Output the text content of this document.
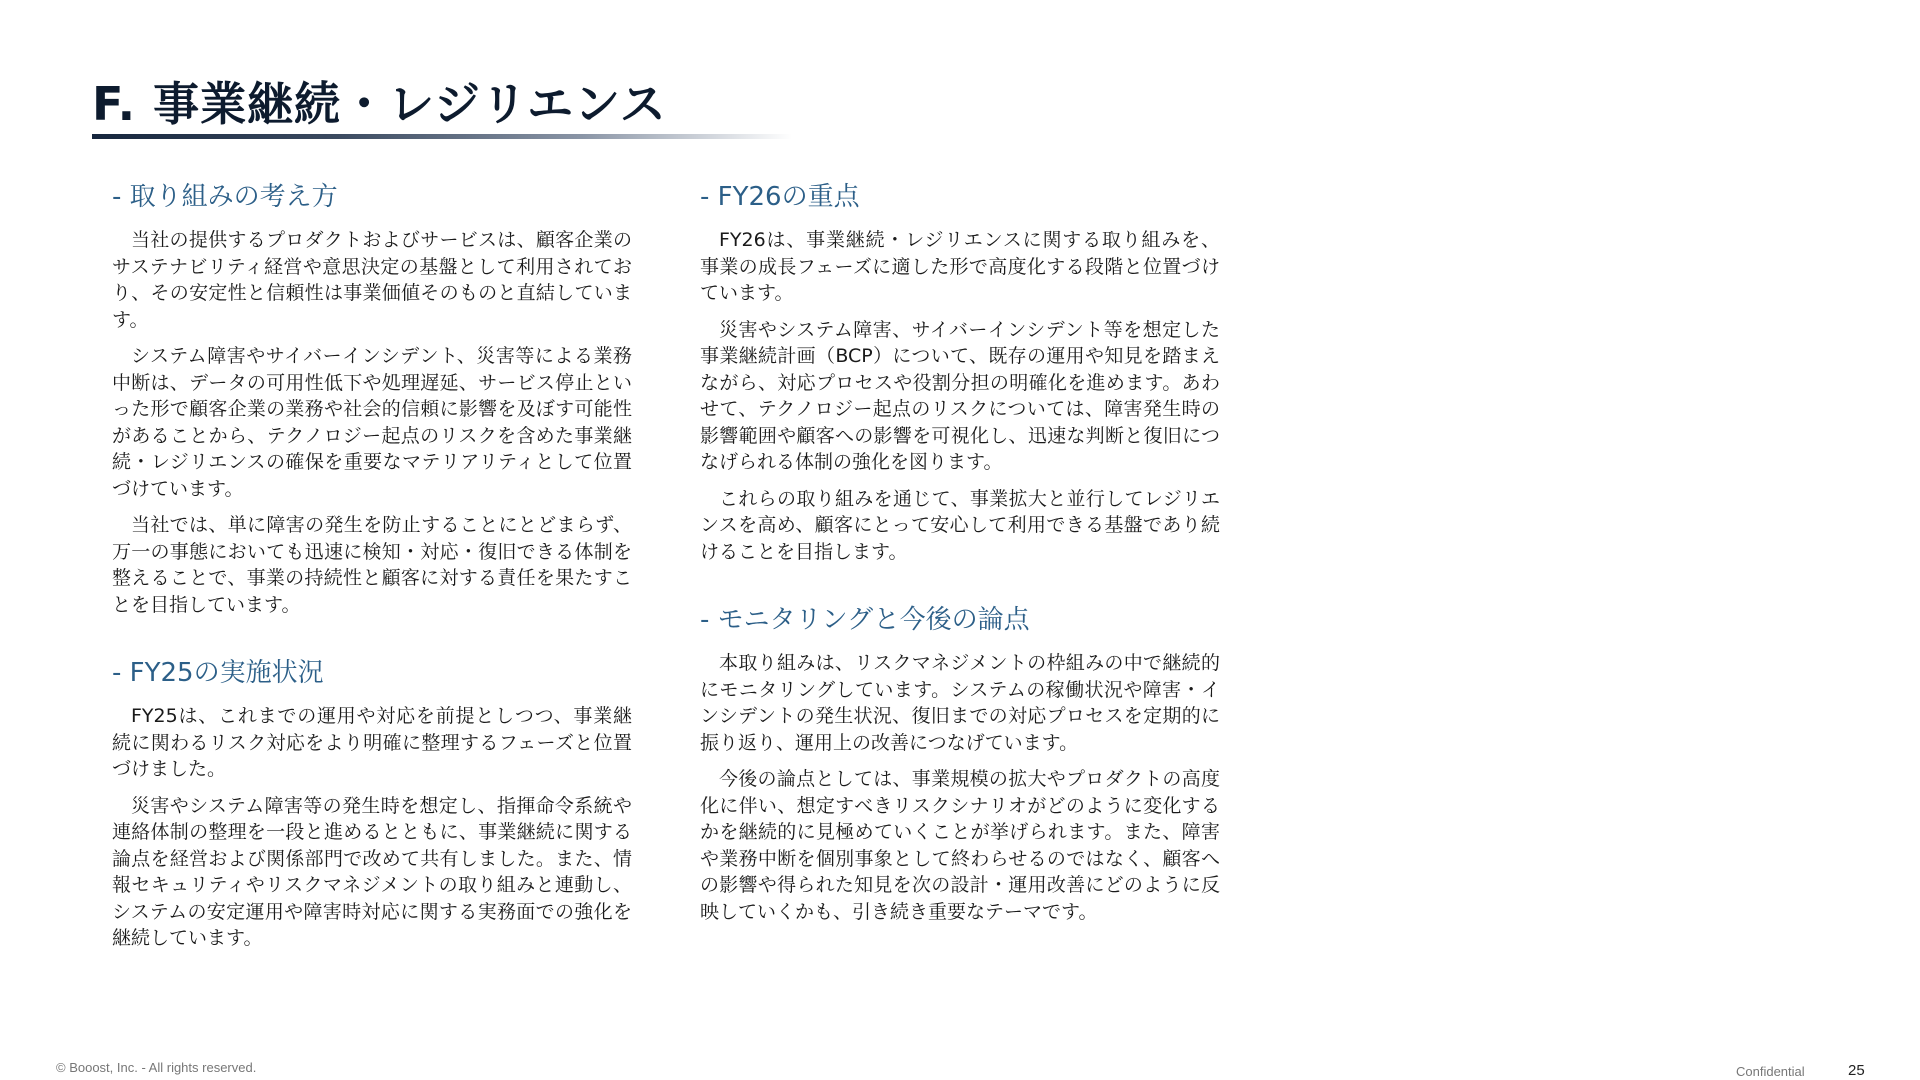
F. 事業継続・レジリエンス
- 取り組みの考え方

当社の提供するプロダクトおよびサービスは、顧客企業のサステナビリティ経営や意思決定の基盤として利用されており、その安定性と信頼性は事業価値そのものと直結しています。

システム障害やサイバーインシデント、災害等による業務中断は、データの可用性低下や処理遅延、サービス停止といった形で顧客企業の業務や社会的信頼に影響を及ぼす可能性があることから、テクノロジー起点のリスクを含めた事業継続・レジリエンスの確保を重要なマテリアリティとして位置づけています。

当社では、単に障害の発生を防止することにとどまらず、万一の事態においても迅速に検知・対応・復旧できる体制を整えることで、事業の持続性と顧客に対する責任を果たすことを目指しています。

- FY25の実施状況

FY25は、これまでの運用や対応を前提としつつ、事業継続に関わるリスク対応をより明確に整理するフェーズと位置づけました。

災害やシステム障害等の発生時を想定し、指揮命令系統や連絡体制の整理を一段と進めるとともに、事業継続に関する論点を経営および関係部門で改めて共有しました。また、情報セキュリティやリスクマネジメントの取り組みと連動し、システムの安定運用や障害時対応に関する実務面での強化を継続しています。

- FY26の重点

FY26は、事業継続・レジリエンスに関する取り組みを、事業の成長フェーズに適した形で高度化する段階と位置づけています。

災害やシステム障害、サイバーインシデント等を想定した事業継続計画（BCP）について、既存の運用や知見を踏まえながら、対応プロセスや役割分担の明確化を進めます。あわせて、テクノロジー起点のリスクについては、障害発生時の影響範囲や顧客への影響を可視化し、迅速な判断と復旧につなげられる体制の強化を図ります。

これらの取り組みを通じて、事業拡大と並行してレジリエンスを高め、顧客にとって安心して利用できる基盤であり続けることを目指します。

- モニタリングと今後の論点

本取り組みは、リスクマネジメントの枠組みの中で継続的にモニタリングしています。システムの稼働状況や障害・インシデントの発生状況、復旧までの対応プロセスを定期的に振り返り、運用上の改善につなげています。

今後の論点としては、事業規模の拡大やプロダクトの高度化に伴い、想定すべきリスクシナリオがどのように変化するかを継続的に見極めていくことが挙げられます。また、障害や業務中断を個別事象として終わらせるのではなく、顧客への影響や得られた知見を次の設計・運用改善にどのように反映していくかも、引き続き重要なテーマです。

© Booost, Inc. - All rights reserved.	Confidential	25
